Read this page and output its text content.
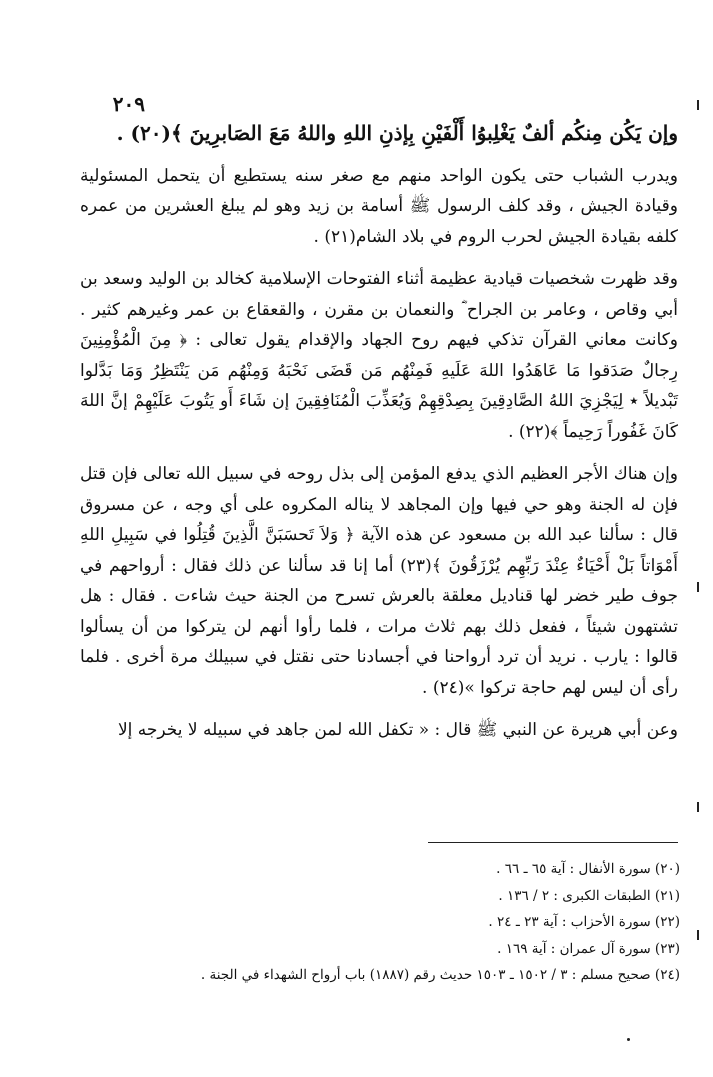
٢٠٩

وإن يَكُن مِنكُم ألفٌ يَغْلِبوُا أَلْفَيْنِ بِإذنِ اللهِ واللهُ مَعَ الصَابرِينَ ﴾(٢٠) .

ويدرب الشباب حتى يكون الواحد منهم مع صغر سنه يستطيع أن يتحمل المسئولية وقيادة الجيش ، وقد كلف الرسول ﷺ أسامة بن زيد وهو لم يبلغ العشرين من عمره كلفه بقيادة الجيش لحرب الروم في بلاد الشام(٢١) .

وقد ظهرت شخصيات قيادية عظيمة أثناء الفتوحات الإسلامية كخالد بن الوليد وسعد بن أبي وقاص ، وعامر بن الجراح ؓ والنعمان بن مقرن ، والقعقاع بن عمر وغيرهم كثير . وكانت معاني القرآن تذكي فيهم روح الجهاد والإقدام يقول تعالى : ﴿ مِنَ الْمُؤْمِنِينَ رِجالٌ صَدَقوا مَا عَاهَدُوا اللهَ عَلَيهِ فَمِنْهُم مَن قَضَى نَحْبَهُ وَمِنْهُم مَن يَنْتَظِرُ وَمَا بَدَّلوا تَبْديلاً ٭ لِيَجْزِيَ اللهُ الصَّادِقِينَ بِصِدْقِهِمْ وَيُعَذِّبَ الْمُنَافِقِينَ إن شَاءَ أَو يَتُوبَ عَلَيْهِمْ إنَّ اللهَ كَانَ غَفُوراً رَحِيماً ﴾(٢٢) .

وإن هناك الأجر العظيم الذي يدفع المؤمن إلى بذل روحه في سبيل الله تعالى فإن قتل فإن له الجنة وهو حي فيها وإن المجاهد لا يناله المكروه على أي وجه ، عن مسروق قال : سألنا عبد الله بن مسعود عن هذه الآية ﴿ وَلاَ تَحسَبَنَّ الَّذِينَ قُتِلُوا في سَبِيلِ اللهِ أَمْوَاتاً بَلْ أَحْيَاءٌ عِنْدَ رَبِّهِم يُرْزَقُونَ ﴾(٢٣) أما إنا قد سألنا عن ذلك فقال : أرواحهم في جوف طير خضر لها قناديل معلقة بالعرش تسرح من الجنة حيث شاءت . فقال : هل تشتهون شيئاً ، ففعل ذلك بهم ثلاث مرات ، فلما رأوا أنهم لن يتركوا من أن يسألوا قالوا : يارب . نريد أن ترد أرواحنا في أجسادنا حتى نقتل في سبيلك مرة أخرى . فلما رأى أن ليس لهم حاجة تركوا »(٢٤) .

وعن أبي هريرة عن النبي ﷺ قال : « تكفل الله لمن جاهد في سبيله لا يخرجه إلا

(٢٠) سورة الأنفال : آية ٦٥ ـ ٦٦ .
(٢١) الطبقات الكبرى : ٢ / ١٣٦ .
(٢٢) سورة الأحزاب : آية ٢٣ ـ ٢٤ .
(٢٣) سورة آل عمران : آية ١٦٩ .
(٢٤) صحيح مسلم : ٣ / ١٥٠٢ ـ ١٥٠٣ حديث رقم (١٨٨٧) باب أرواح الشهداء في الجنة .
